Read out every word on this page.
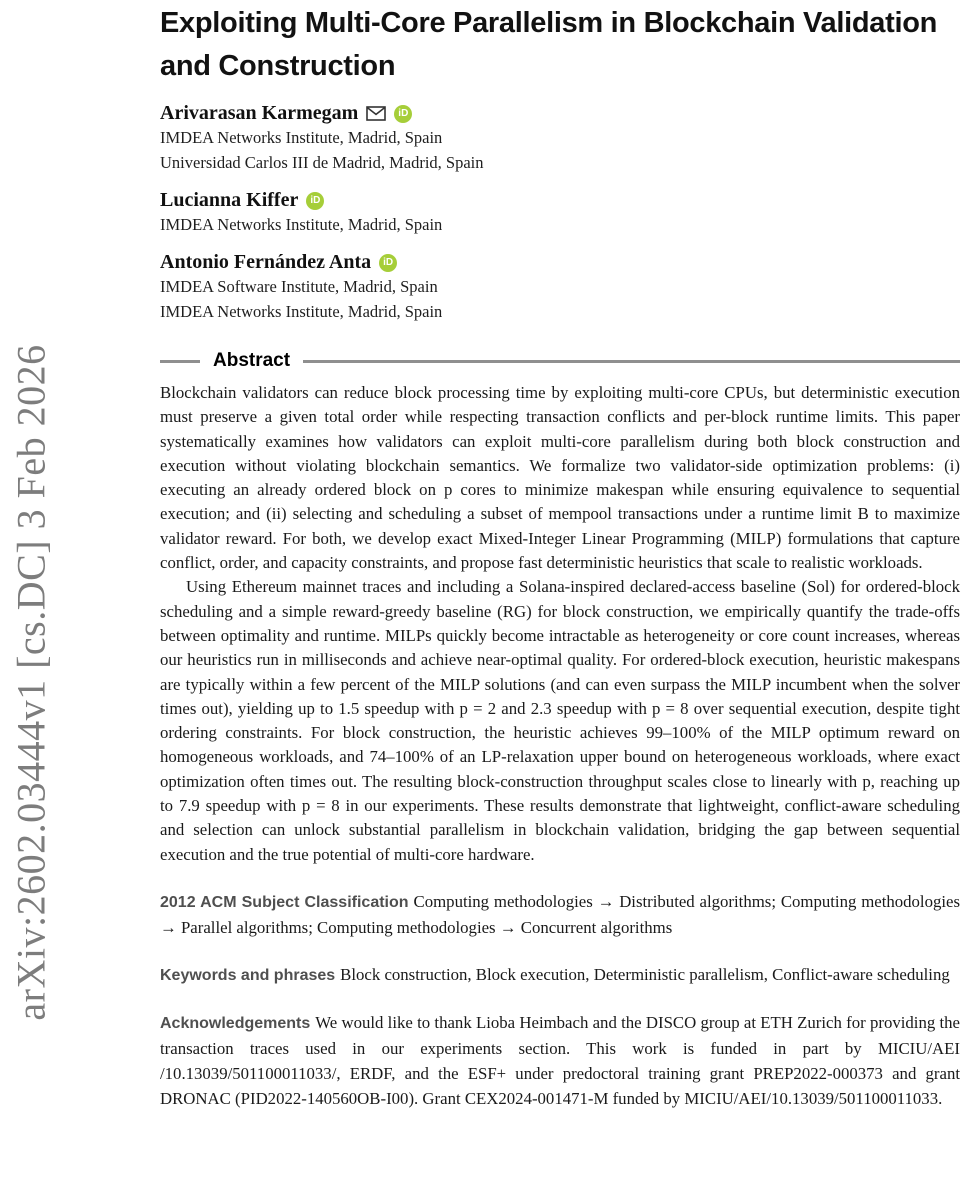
arXiv:2602.03444v1 [cs.DC] 3 Feb 2026
Exploiting Multi-Core Parallelism in Blockchain Validation and Construction
Arivarasan Karmegam	iD
IMDEA Networks Institute, Madrid, Spain
Universidad Carlos III de Madrid, Madrid, Spain
Lucianna Kiffer	iD
IMDEA Networks Institute, Madrid, Spain
Antonio Fernández Anta	iD
IMDEA Software Institute, Madrid, Spain
IMDEA Networks Institute, Madrid, Spain
Abstract

Blockchain validators can reduce block processing time by exploiting multi-core CPUs, but deterministic execution must preserve a given total order while respecting transaction conflicts and per-block runtime limits. This paper systematically examines how validators can exploit multi-core parallelism during both block construction and execution without violating blockchain semantics. We formalize two validator-side optimization problems: (i) executing an already ordered block on p cores to minimize makespan while ensuring equivalence to sequential execution; and (ii) selecting and scheduling a subset of mempool transactions under a runtime limit B to maximize validator reward. For both, we develop exact Mixed-Integer Linear Programming (MILP) formulations that capture conflict, order, and capacity constraints, and propose fast deterministic heuristics that scale to realistic workloads.

Using Ethereum mainnet traces and including a Solana-inspired declared-access baseline (Sol) for ordered-block scheduling and a simple reward-greedy baseline (RG) for block construction, we empirically quantify the trade-offs between optimality and runtime. MILPs quickly become intractable as heterogeneity or core count increases, whereas our heuristics run in milliseconds and achieve near-optimal quality. For ordered-block execution, heuristic makespans are typically within a few percent of the MILP solutions (and can even surpass the MILP incumbent when the solver times out), yielding up to 1.5 speedup with p = 2 and 2.3 speedup with p = 8 over sequential execution, despite tight ordering constraints. For block construction, the heuristic achieves 99–100% of the MILP optimum reward on homogeneous workloads, and 74–100% of an LP-relaxation upper bound on heterogeneous workloads, where exact optimization often times out. The resulting block-construction throughput scales close to linearly with p, reaching up to 7.9 speedup with p = 8 in our experiments. These results demonstrate that lightweight, conflict-aware scheduling and selection can unlock substantial parallelism in blockchain validation, bridging the gap between sequential execution and the true potential of multi-core hardware.

2012 ACM Subject Classification Computing methodologies → Distributed algorithms; Computing methodologies → Parallel algorithms; Computing methodologies → Concurrent algorithms

Keywords and phrases Block construction, Block execution, Deterministic parallelism, Conflict-aware scheduling

Acknowledgements We would like to thank Lioba Heimbach and the DISCO group at ETH Zurich for providing the transaction traces used in our experiments section. This work is funded in part by MICIU/AEI /10.13039/501100011033/, ERDF, and the ESF+ under predoctoral training grant PREP2022-000373 and grant DRONAC (PID2022-140560OB-I00). Grant CEX2024-001471-M funded by MICIU/AEI/10.13039/501100011033.
